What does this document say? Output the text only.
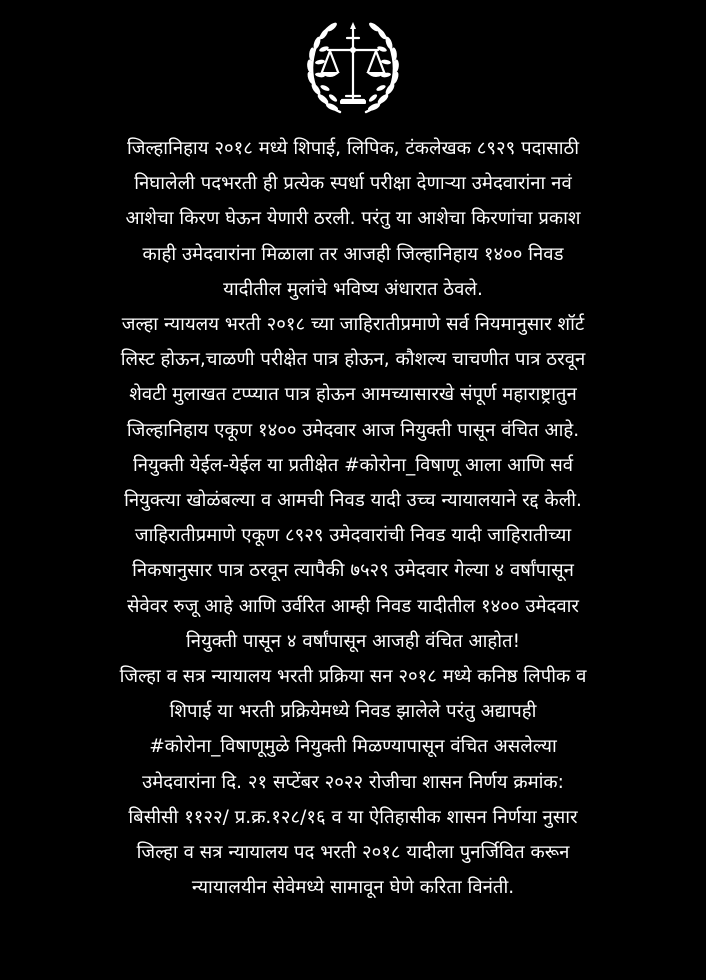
जिल्हानिहाय २०१८ मध्ये शिपाई, लिपिक, टंकलेखक ८९२९ पदासाठी
निघालेली पदभरती ही प्रत्येक स्पर्धा परीक्षा देणाऱ्या उमेदवारांना नवं
आशेचा किरण घेऊन येणारी ठरली. परंतु या आशेचा किरणांचा प्रकाश
काही उमेदवारांना मिळाला तर आजही जिल्हानिहाय १४०० निवड
यादीतील मुलांचे भविष्य अंधारात ठेवले.
जल्हा न्यायलय भरती २०१८ च्या जाहिरातीप्रमाणे सर्व नियमानुसार शॉर्ट
लिस्ट होऊन,चाळणी परीक्षेत पात्र होऊन, कौशल्य चाचणीत पात्र ठरवून
शेवटी मुलाखत टप्प्यात पात्र होऊन आमच्यासारखे संपूर्ण महाराष्ट्रातुन
जिल्हानिहाय एकूण १४०० उमेदवार आज नियुक्ती पासून वंचित आहे.
नियुक्ती येईल-येईल या प्रतीक्षेत #कोरोना_विषाणू आला आणि सर्व
नियुक्त्या खोळंबल्या व आमची निवड यादी उच्च न्यायालयाने रद्द केली.
जाहिरातीप्रमाणे एकूण ८९२९ उमेदवारांची निवड यादी जाहिरातीच्या
निकषानुसार पात्र ठरवून त्यापैकी ७५२९ उमेदवार गेल्या ४ वर्षांपासून
सेवेवर रुजू आहे आणि उर्वरित आम्ही निवड यादीतील १४०० उमेदवार
नियुक्ती पासून ४ वर्षांपासून आजही वंचित आहोत!
जिल्हा व सत्र न्यायालय भरती प्रक्रिया सन २०१८ मध्ये कनिष्ठ लिपीक व
शिपाई या भरती प्रक्रियेमध्ये निवड झालेले परंतु अद्यापही
#कोरोना_विषाणूमुळे नियुक्ती मिळण्यापासून वंचित असलेल्या
उमेदवारांना दि. २१ सप्टेंबर २०२२ रोजीचा शासन निर्णय क्रमांक:
बिसीसी ११२२/ प्र.क्र.१२८/१६ व या ऐतिहासीक शासन निर्णया नुसार
जिल्हा व सत्र न्यायालय पद भरती २०१८ यादीला पुनर्जिवित करून
न्यायालयीन सेवेमध्ये सामावून घेणे करिता विनंती.
